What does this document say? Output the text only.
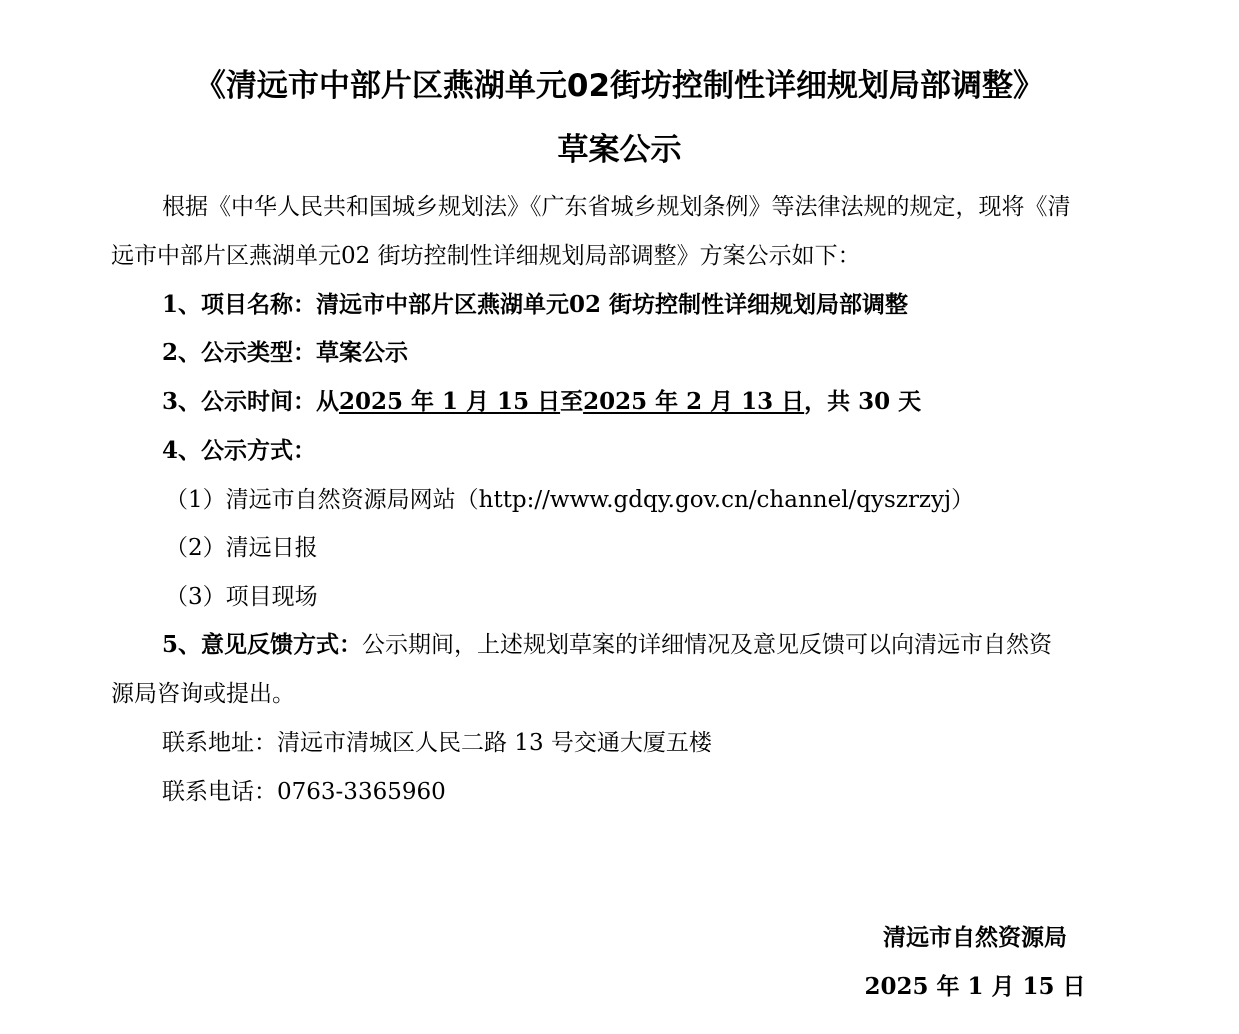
《清远市中部片区燕湖单元02街坊控制性详细规划局部调整》
草案公示
根据《中华人民共和国城乡规划法》《广东省城乡规划条例》等法律法规的规定，现将《清
远市中部片区燕湖单元02 街坊控制性详细规划局部调整》方案公示如下：
1、项目名称：清远市中部片区燕湖单元02 街坊控制性详细规划局部调整
2、公示类型：草案公示
3、公示时间：从2025 年 1 月 15 日至2025 年 2 月 13 日，共 30 天
4、公示方式：
（1）清远市自然资源局网站（http://www.gdqy.gov.cn/channel/qyszrzyj）
（2）清远日报
（3）项目现场
5、意见反馈方式：公示期间，上述规划草案的详细情况及意见反馈可以向清远市自然资
源局咨询或提出。
联系地址：清远市清城区人民二路 13 号交通大厦五楼
联系电话：0763-3365960
清远市自然资源局
2025 年 1 月 15 日
